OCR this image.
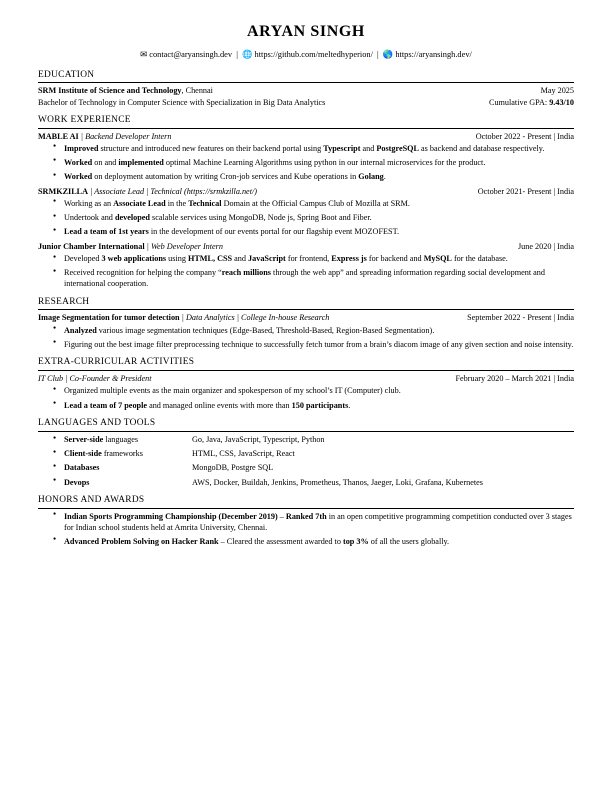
ARYAN SINGH
✉ contact@aryansingh.dev | 🌐 https://github.com/meltedhyperion/ | 🌎 https://aryansingh.dev/
EDUCATION
SRM Institute of Science and Technology, Chennai	May 2025
Bachelor of Technology in Computer Science with Specialization in Big Data Analytics	Cumulative GPA: 9.43/10
WORK EXPERIENCE
MABLE AI | Backend Developer Intern	October 2022 - Present | India
● Improved structure and introduced new features on their backend portal using Typescript and PostgreSQL as backend and database respectively.
● Worked on and implemented optimal Machine Learning Algorithms using python in our internal microservices for the product.
● Worked on deployment automation by writing Cron-job services and Kube operations in Golang.
SRMKZILLA | Associate Lead | Technical (https://srmkzilla.net/)	October 2021- Present | India
● Working as an Associate Lead in the Technical Domain at the Official Campus Club of Mozilla at SRM.
● Undertook and developed scalable services using MongoDB, Node js, Spring Boot and Fiber.
● Lead a team of 1st years in the development of our events portal for our flagship event MOZOFEST.
Junior Chamber International | Web Developer Intern	June 2020 | India
● Developed 3 web applications using HTML, CSS and JavaScript for frontend, Express js for backend and MySQL for the database.
● Received recognition for helping the company “reach millions through the web app” and spreading information regarding social development and international cooperation.
RESEARCH
Image Segmentation for tumor detection | Data Analytics | College In-house Research	September 2022 - Present | India
● Analyzed various image segmentation techniques (Edge-Based, Threshold-Based, Region-Based Segmentation).
● Figuring out the best image filter preprocessing technique to successfully fetch tumor from a brain’s diacom image of any given section and noise intensity.
EXTRA-CURRICULAR ACTIVITIES
IT Club | Co-Founder & President	February 2020 – March 2021 | India
● Organized multiple events as the main organizer and spokesperson of my school’s IT (Computer) club.
● Lead a team of 7 people and managed online events with more than 150 participants.
LANGUAGES AND TOOLS
● Server-side languages	Go, Java, JavaScript, Typescript, Python
● Client-side frameworks	HTML, CSS, JavaScript, React
● Databases	MongoDB, Postgre SQL
● Devops	AWS, Docker, Buildah, Jenkins, Prometheus, Thanos, Jaeger, Loki, Grafana, Kubernetes
HONORS AND AWARDS
● Indian Sports Programming Championship (December 2019) – Ranked 7th in an open competitive programming competition conducted over 3 stages for Indian school students held at Amrita University, Chennai.
● Advanced Problem Solving on Hacker Rank – Cleared the assessment awarded to top 3% of all the users globally.
